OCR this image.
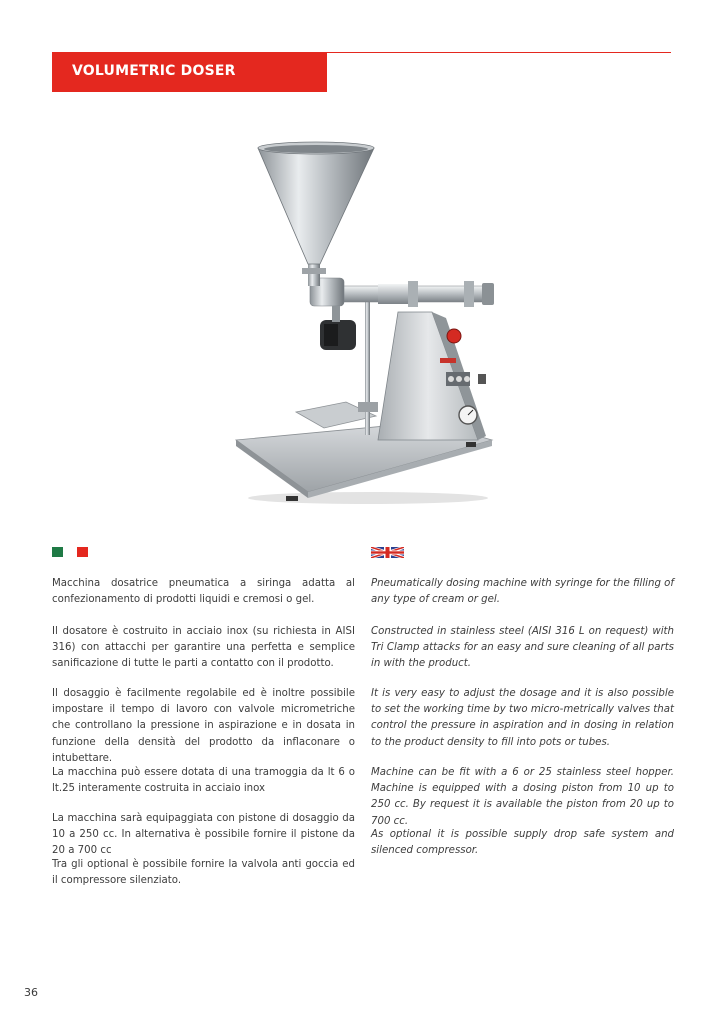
VOLUMETRIC DOSER
Macchina dosatrice pneumatica a siringa adatta al confezionamento di prodotti liquidi e cremosi o gel.
Il dosatore è costruito in acciaio inox (su richiesta in AISI 316) con attacchi per garantire una perfetta e semplice sanificazione di tutte le parti a contatto con il prodotto.
Il dosaggio è facilmente regolabile ed è inoltre possibile impostare il tempo di lavoro con valvole micrometriche che controllano la pressione in aspirazione e in dosata in funzione della densità del prodotto da inflaconare o intubettare.
La macchina può essere dotata di una tramoggia da lt 6 o lt.25 interamente costruita in acciaio inox
La macchina sarà equipaggiata con pistone di dosaggio da 10 a 250 cc. In alternativa è possibile fornire il pistone da 20 a 700 cc
Tra gli optional è possibile fornire la valvola anti goccia ed il compressore silenziato.
Pneumatically dosing machine with syringe for the filling of any type of cream or gel.
Constructed in stainless steel (AISI 316 L on request) with Tri Clamp attacks for an easy and sure cleaning of all parts in with the product.
It is very easy to adjust the dosage and it is also possible to set the working time by two micro-metrically valves that control the pressure in aspiration and in dosing in relation to the product density to fill into pots or tubes.
Machine can be fit with a 6 or 25 stainless steel hopper. Machine is equipped with a dosing piston from 10 up to 250 cc. By request it is available the piston from 20 up to 700 cc.
As optional it is possible supply drop safe system and silenced compressor.
36
